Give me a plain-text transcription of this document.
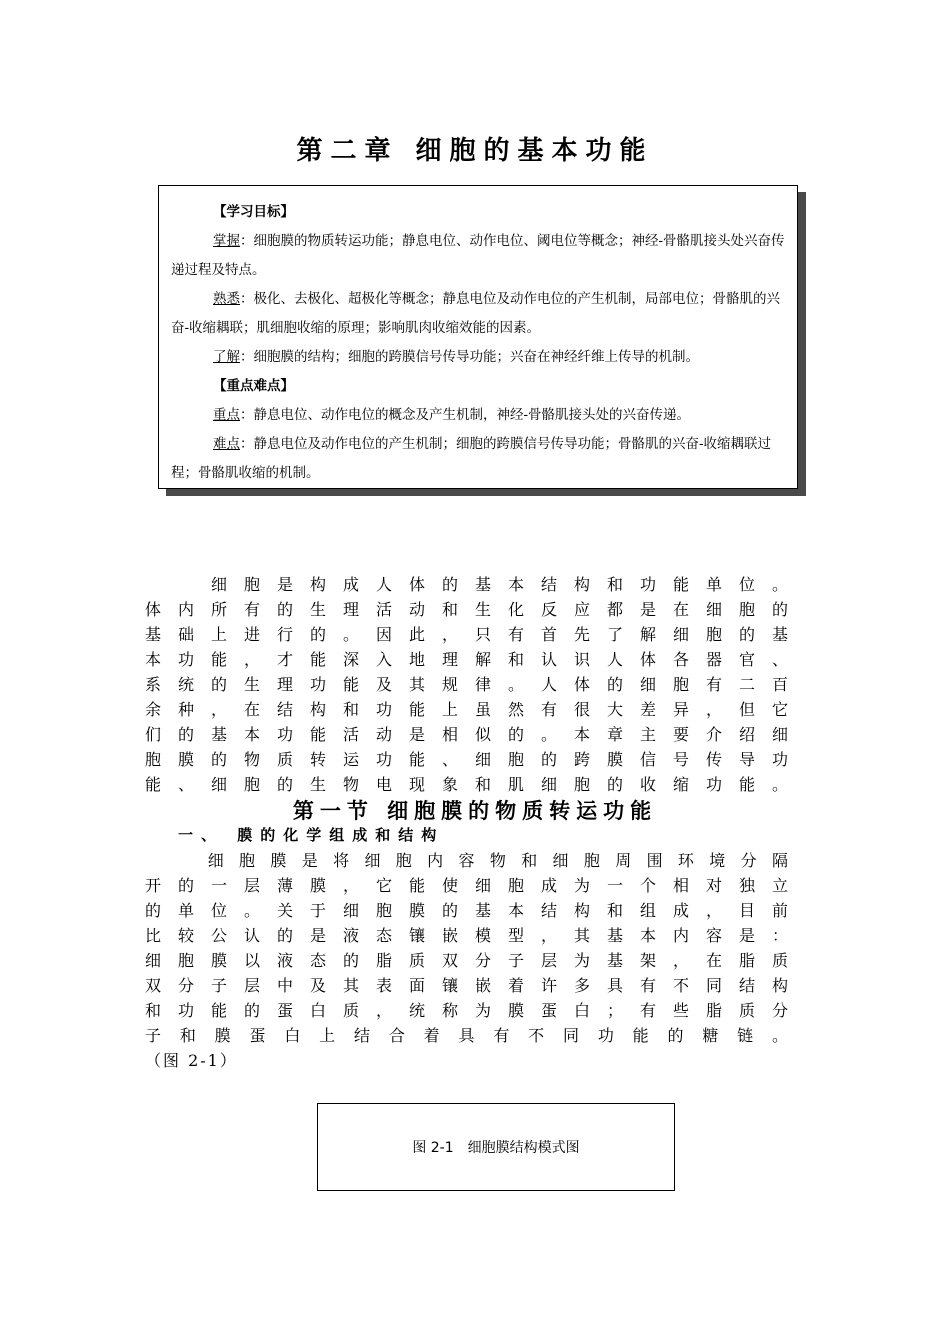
第二章 细胞的基本功能

【学习目标】

掌握：细胞膜的物质转运功能；静息电位、动作电位、阈电位等概念；神经-骨骼肌接头处兴奋传递过程及特点。

熟悉：极化、去极化、超极化等概念；静息电位及动作电位的产生机制，局部电位；骨骼肌的兴奋-收缩耦联；肌细胞收缩的原理；影响肌肉收缩效能的因素。

了解：细胞膜的结构；细胞的跨膜信号传导功能；兴奋在神经纤维上传导的机制。

【重点难点】

重点：静息电位、动作电位的概念及产生机制，神经-骨骼肌接头处的兴奋传递。

难点：静息电位及动作电位的产生机制；细胞的跨膜信号传导功能；骨骼肌的兴奋-收缩耦联过程；骨骼肌收缩的机制。

　　细胞是构成人体的基本结构和功能单位。

体内所有的生理活动和生化反应都是在细胞的

基础上进行的。因此，只有首先了解细胞的基

本功能，才能深入地理解和认识人体各器官、

系统的生理功能及其规律。人体的细胞有二百

余种，在结构和功能上虽然有很大差异，但它

们的基本功能活动是相似的。本章主要介绍细

胞膜的物质转运功能、细胞的跨膜信号传导功

能、细胞的生物电现象和肌细胞的收缩功能。

第一节 细胞膜的物质转运功能
一、 膜的化学组成和结构

　　细胞膜是将细胞内容物和细胞周围环境分隔

开的一层薄膜，它能使细胞成为一个相对独立

的单位。关于细胞膜的基本结构和组成，目前

比较公认的是液态镶嵌模型，其基本内容是：

细胞膜以液态的脂质双分子层为基架，在脂质

双分子层中及其表面镶嵌着许多具有不同结构

和功能的蛋白质，统称为膜蛋白；有些脂质分

子和膜蛋白上结合着具有不同功能的糖链。

（图 2-1）

图 2-1　细胞膜结构模式图
